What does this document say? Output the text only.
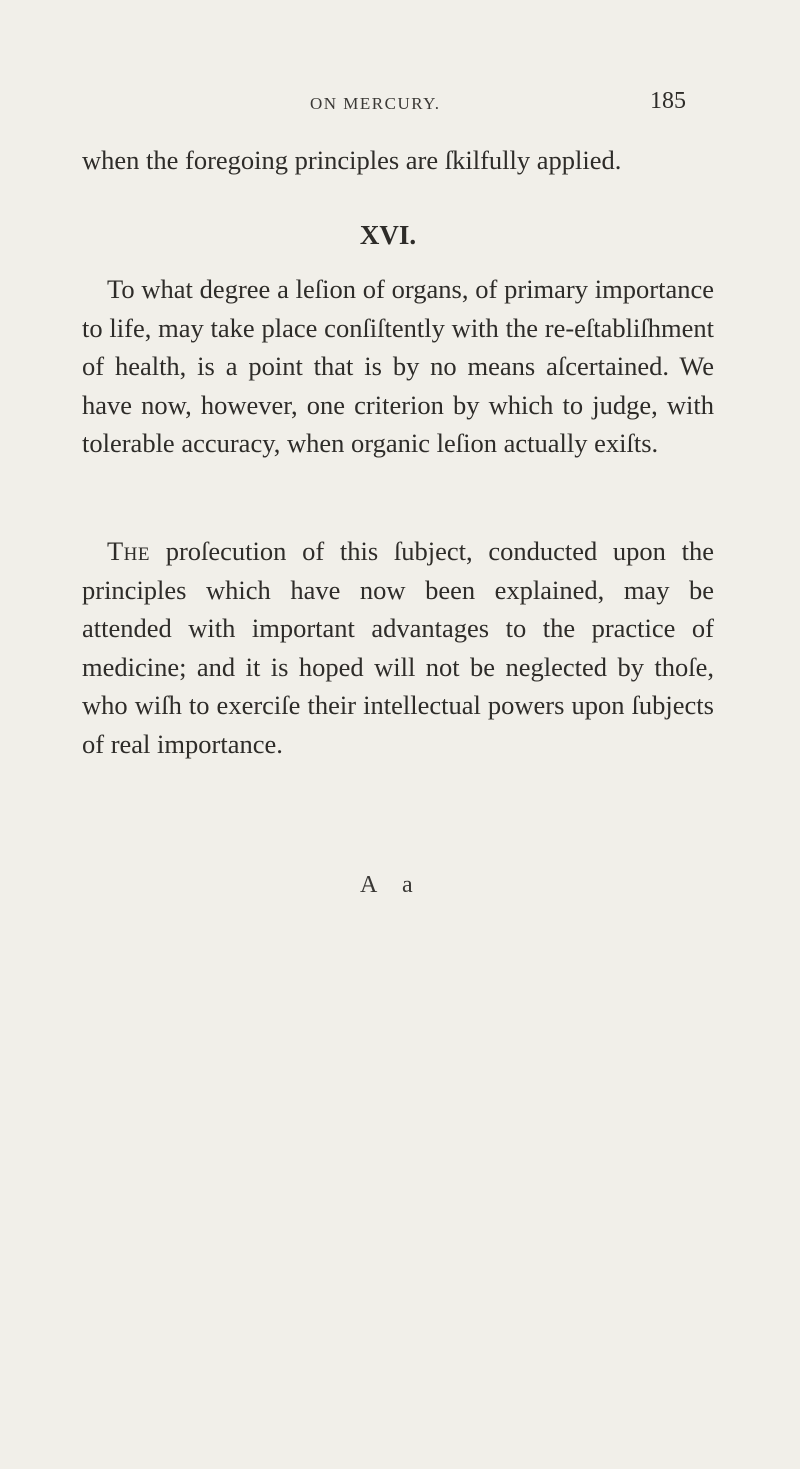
ON MERCURY.	185

when the foregoing principles are ſkilfully applied.

XVI.

To what degree a leſion of organs, of primary importance to life, may take place conſiſtently with the re-eſtabliſhment of health, is a point that is by no means aſcertained. We have now, however, one criterion by which to judge, with tolerable accuracy, when organic leſion actually exiſts.

The proſecution of this ſubject, conducted upon the principles which have now been explained, may be attended with important advantages to the practice of medicine; and it is hoped will not be neglected by thoſe, who wiſh to exerciſe their intellectual powers upon ſubjects of real importance.

A a
